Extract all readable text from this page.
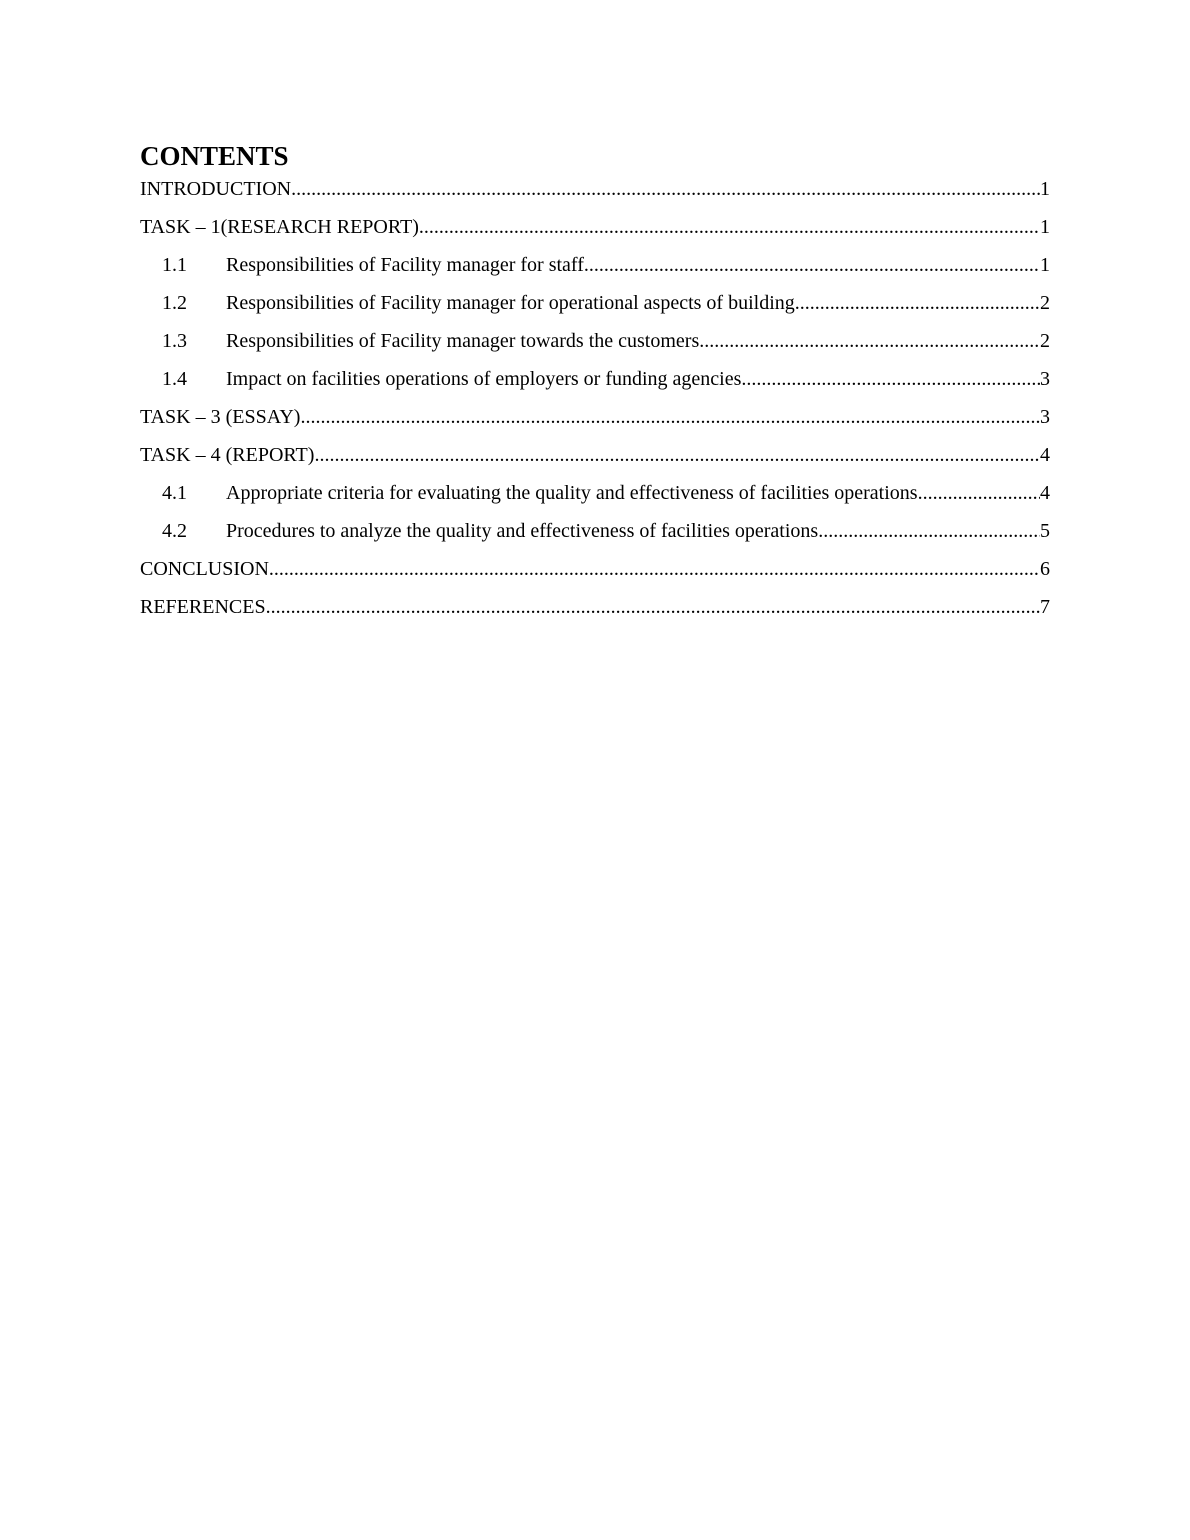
CONTENTS
INTRODUCTION .....	1
TASK – 1(RESEARCH REPORT) .....	1
1.1	Responsibilities of Facility manager for staff .....	1
1.2	Responsibilities of Facility manager for operational aspects of building .....	2
1.3	Responsibilities of Facility manager towards the customers .....	2
1.4	Impact on facilities operations of employers or funding agencies .....	3
TASK – 3 (ESSAY) .....	3
TASK – 4 (REPORT) .....	4
4.1	Appropriate criteria for evaluating the quality and effectiveness of facilities operations .....	4
4.2	Procedures to analyze the quality and effectiveness of facilities operations .....	5
CONCLUSION .....	6
REFERENCES .....	7
